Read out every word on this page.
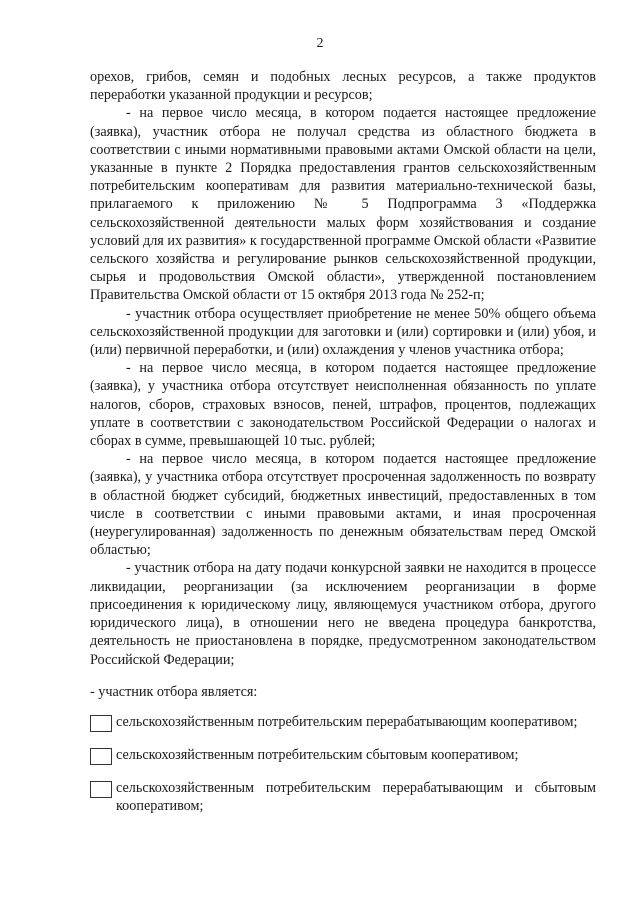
2

орехов, грибов, семян и подобных лесных ресурсов, а также продуктов переработки указанной продукции и ресурсов;

- на первое число месяца, в котором подается настоящее предложение (заявка), участник отбора не получал средства из областного бюджета в соответствии с иными нормативными правовыми актами Омской области на цели, указанные в пункте 2 Порядка предоставления грантов сельскохозяйственным потребительским кооперативам для развития материально-технической базы, прилагаемого к приложению № 5 Подпрограмма 3 «Поддержка сельскохозяйственной деятельности малых форм хозяйствования и создание условий для их развития» к государственной программе Омской области «Развитие сельского хозяйства и регулирование рынков сельскохозяйственной продукции, сырья и продовольствия Омской области», утвержденной постановлением Правительства Омской области от 15 октября 2013 года № 252-п;

- участник отбора осуществляет приобретение не менее 50% общего объема сельскохозяйственной продукции для заготовки и (или) сортировки и (или) убоя, и (или) первичной переработки, и (или) охлаждения у членов участника отбора;

- на первое число месяца, в котором подается настоящее предложение (заявка), у участника отбора отсутствует неисполненная обязанность по уплате налогов, сборов, страховых взносов, пеней, штрафов, процентов, подлежащих уплате в соответствии с законодательством Российской Федерации о налогах и сборах в сумме, превышающей 10 тыс. рублей;

- на первое число месяца, в котором подается настоящее предложение (заявка), у участника отбора отсутствует просроченная задолженность по возврату в областной бюджет субсидий, бюджетных инвестиций, предоставленных в том числе в соответствии с иными правовыми актами, и иная просроченная (неурегулированная) задолженность по денежным обязательствам перед Омской областью;

- участник отбора на дату подачи конкурсной заявки не находится в процессе ликвидации, реорганизации (за исключением реорганизации в форме присоединения к юридическому лицу, являющемуся участником отбора, другого юридического лица), в отношении него не введена процедура банкротства, деятельность не приостановлена в порядке, предусмотренном законодательством Российской Федерации;

- участник отбора является:

сельскохозяйственным потребительским перерабатывающим кооперативом;
сельскохозяйственным потребительским сбытовым кооперативом;
сельскохозяйственным потребительским перерабатывающим и сбытовым кооперативом;
